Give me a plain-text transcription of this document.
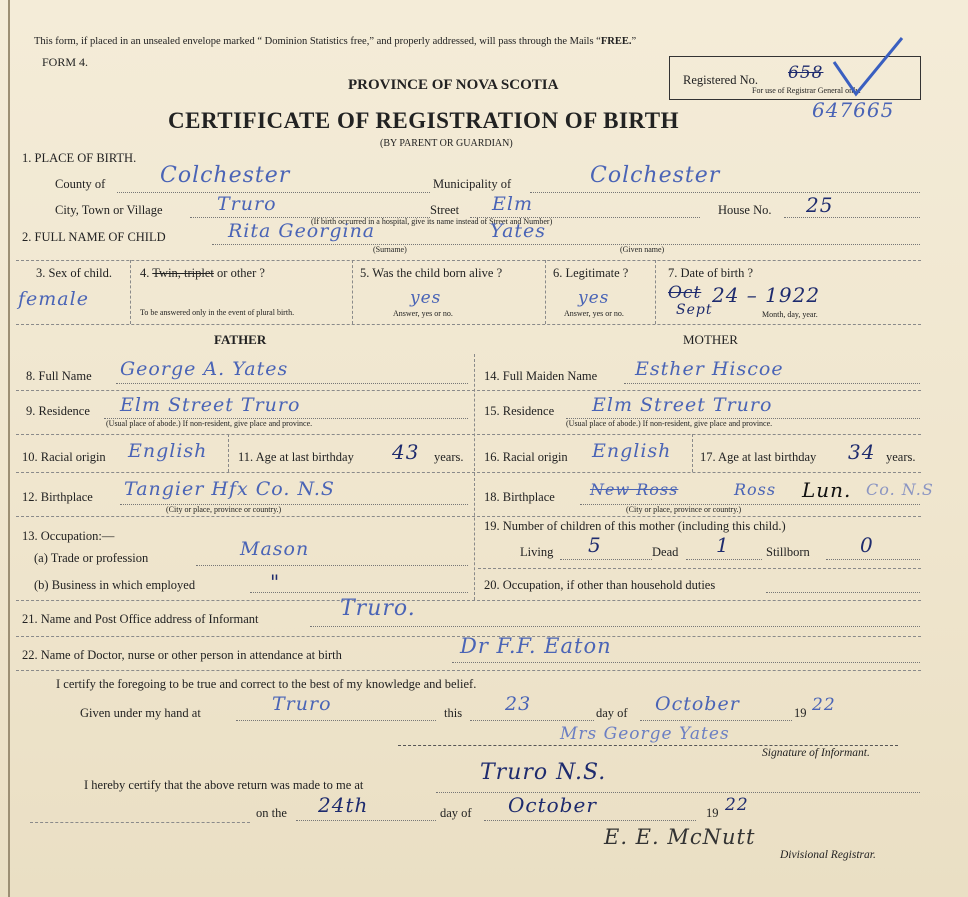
This form, if placed in an unsealed envelope marked “ Dominion Statistics free,” and properly addressed, will pass through the Mails “FREE.”
FORM 4.
PROVINCE OF NOVA SCOTIA
CERTIFICATE OF REGISTRATION OF BIRTH
(BY PARENT OR GUARDIAN)
Registered No. 658
For use of Registrar General only.
647665
1. PLACE OF BIRTH.
County of Colchester	Municipality of	Colchester
City, Town or Village	Truro	Street Elm
(If birth occurred in a hospital, give its name instead of Street and Number)
House No. 25
2. FULL NAME OF CHILD	Rita Georgina	Yates
(Surname)	(Given name)
3. Sex of child.
female
4. Twin, triplet or other ?
To be answered only in the event of plural birth.
5. Was the child born alive ?
yes
Answer, yes or no.
6. Legitimate ?
yes
Answer, yes or no.
7. Date of birth ?
Oct 24 – 1922
Sept	Month, day, year.
FATHER	MOTHER
8. Full Name George A. Yates	14. Full Maiden Name Esther Hiscoe
9. Residence Elm Street Truro
(Usual place of abode.) If non-resident, give place and province.
15. Residence Elm Street Truro
(Usual place of abode.) If non-resident, give place and province.
10. Racial origin English 11. Age at last birthday 43 years. 16. Racial origin English 17. Age at last birthday 34 years.
12. Birthplace Tangier Hfx Co. N.S
(City or place, province or country.)
18. Birthplace New Ross	Ross Lun. Co. N.S
(City or place, province or country.)
13. Occupation:—
(a) Trade or profession	Mason
19. Number of children of this mother (including this child.)
Living 5	Dead 1	Stillborn	0
(b) Business in which employed	"	20. Occupation, if other than household duties
21. Name and Post Office address of Informant	Truro.
22. Name of Doctor, nurse or other person in attendance at birth	Dr F.F. Eaton
I certify the foregoing to be true and correct to the best of my knowledge and belief.
Given under my hand at	Truro	this 23	day of October	19 22
Mrs George Yates
Signature of Informant.
I hereby certify that the above return was made to me at	Truro N.S.
on the 24th	day of October	19 22
E. E. McNutt
Divisional Registrar.
